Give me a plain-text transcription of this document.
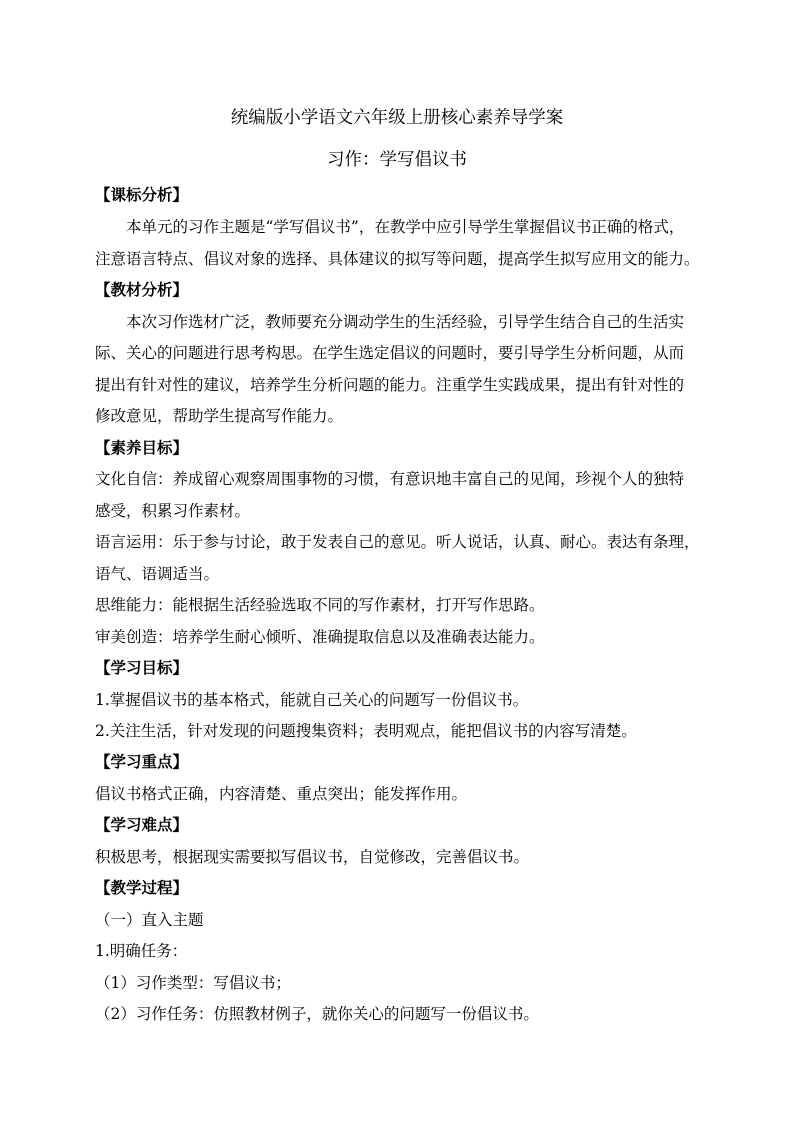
统编版小学语文六年级上册核心素养导学案
习作：学写倡议书
【课标分析】
本单元的习作主题是“学写倡议书”，在教学中应引导学生掌握倡议书正确的格式，
注意语言特点、倡议对象的选择、具体建议的拟写等问题，提高学生拟写应用文的能力。
【教材分析】
本次习作选材广泛，教师要充分调动学生的生活经验，引导学生结合自己的生活实
际、关心的问题进行思考构思。在学生选定倡议的问题时，要引导学生分析问题，从而
提出有针对性的建议，培养学生分析问题的能力。注重学生实践成果，提出有针对性的
修改意见，帮助学生提高写作能力。
【素养目标】
文化自信：养成留心观察周围事物的习惯，有意识地丰富自己的见闻，珍视个人的独特
感受，积累习作素材。
语言运用：乐于参与讨论，敢于发表自己的意见。听人说话，认真、耐心。表达有条理，
语气、语调适当。
思维能力：能根据生活经验选取不同的写作素材，打开写作思路。
审美创造：培养学生耐心倾听、准确提取信息以及准确表达能力。
【学习目标】
1.掌握倡议书的基本格式，能就自己关心的问题写一份倡议书。
2.关注生活，针对发现的问题搜集资料；表明观点，能把倡议书的内容写清楚。
【学习重点】
倡议书格式正确，内容清楚、重点突出；能发挥作用。
【学习难点】
积极思考，根据现实需要拟写倡议书，自觉修改，完善倡议书。
【教学过程】
（一）直入主题
1.明确任务：
（1）习作类型：写倡议书；
（2）习作任务：仿照教材例子，就你关心的问题写一份倡议书。
